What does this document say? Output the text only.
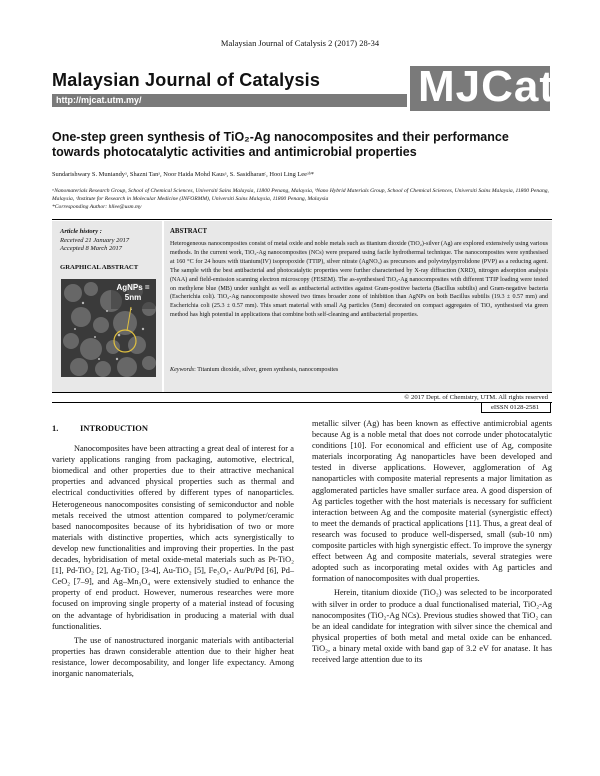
Malaysian Journal of Catalysis 2 (2017) 28-34
Malaysian Journal of Catalysis
http://mjcat.utm.my/	MJCat
One-step green synthesis of TiO₂-Ag nanocomposites and their performance towards photocatalytic activities and antimicrobial properties
Sundarishwary S. Muniandyᵃ, Shazni Tanᵃ, Noor Haida Mohd Kausᵃ, S. Sasidharanᶜ, Hooi Ling Leeᵃᵇ*
ᵃNanomaterials Research Group, School of Chemical Sciences, Universiti Sains Malaysia, 11800 Penang, Malaysia, ᵇNano Hybrid Materials Group, School of Chemical Sciences, Universiti Sains Malaysia, 11800 Penang, Malaysia, ᶜInstitute for Research in Molecular Medicine (INFORMM), Universiti Sains Malaysia, 11800 Penang, Malaysia
*Corresponding Author: hllee@usm.my
Article history :
Received 21 January 2017
Accepted 8 March 2017
GRAPHICAL ABSTRACT
AgNPs = 5nm
ABSTRACT
Heterogeneous nanocomposites consist of metal oxide and noble metals such as titanium dioxide (TiO₂)-silver (Ag) are explored extensively using various methods. In the current work, TiO₂-Ag nanocomposites (NCs) were prepared using facile hydrothermal technique. The nanocomposites were synthesised at 160 °C for 24 hours with titanium(IV) isopropoxide (TTIP), silver nitrate (AgNO₃) as precursors and polyvinylpyrrolidone (PVP) as a reducing agent. The sample with the best antibacterial and photocatalytic properties were further characterised by X-ray diffraction (XRD), nitrogen adsorption analysis (NAA) and field-emission scanning electron microscopy (FESEM). The as-synthesised TiO₂-Ag nanocomposites with different TTIP loading were tested on methylene blue (MB) under sunlight as well as antibacterial activities against Gram-positive bacteria (Bacillus subtilis) and Gram-negative bacteria (Escherichia coli). TiO₂-Ag nanocomposite showed two times broader zone of inhibition than AgNPs on both Bacillus subtilis (19.3 ± 0.57 mm) and Escherichia coli (25.3 ± 0.57 mm). This smart material with small Ag particles (5nm) decorated on compact aggregates of TiO₂ synthesised via green method has high potential in applications that combine both self-cleaning and antibacterial properties.
Keywords: Titanium dioxide, silver, green synthesis, nanocomposites
© 2017 Dept. of Chemistry, UTM. All rights reserved
eISSN 0128-2581

1.	INTRODUCTION

Nanocomposites have been attracting a great deal of interest for a variety applications ranging from packaging, automotive, electrical, biomedical and other properties due to their attractive mechanical properties and advanced physical properties such as thermal and electrical conductivities offered by different types of nanoparticles. Heterogeneous nanocomposites consisting of semiconductor and noble metals received the utmost attention compared to polymer/ceramic based nanocomposites because of its hybridisation of two or more materials with distinctive properties, which acts synergistically to develop new functionalities and improving their properties. In the past decades, hybridisation of metal oxide-metal materials such as Pt-TiO₂ [1], Pd-TiO₂ [2], Ag-TiO₂ [3-4], Au-TiO₂ [5], Fe₃O₄- Au/Pt/Pd [6], Pd–CeO₂ [7–9], and Ag–Mn₃O₄ were extensively studied to enhance the property of end product. However, numerous researches were more focused on improving single property of a material instead of focusing on the advantage of hybridisation in producing a material with dual functionalities.

The use of nanostructured inorganic materials with antibacterial properties has drawn considerable attention due to their higher heat resistance, lower decomposability, and longer life expectancy. Among inorganic nanomaterials,

metallic silver (Ag) has been known as effective antimicrobial agents because Ag is a noble metal that does not corrode under photocatalytic conditions [10]. For economical and efficient use of Ag, composite materials incorporating Ag nanoparticles have been developed and tested in diverse applications. However, agglomeration of Ag nanoparticles with composite material represents a major limitation as agglomerated particles have smaller surface area. A good dispersion of Ag particles together with the host materials is necessary for sufficient interaction between Ag and the composite material (synergistic effect) to meet the demands of practical applications [11]. Thus, a great deal of research was focused to produce well-dispersed, small (sub-10 nm) composite particles with high synergistic effect. To improve the synergy effect between Ag and composite materials, several strategies were adopted such as incorporating metal oxides with Ag particles and formation of nanocomposites with dual properties.

Herein, titanium dioxide (TiO₂) was selected to be incorporated with silver in order to produce a dual functionalised material, TiO₂-Ag nanocomposites (TiO₂-Ag NCs). Previous studies showed that TiO₂ can be an ideal candidate for integration with silver since the chemical and physical properties of both metal and metal oxide can be enhanced. TiO₂, a binary metal oxide with band gap of 3.2 eV for anatase. It has received large attention due to its
